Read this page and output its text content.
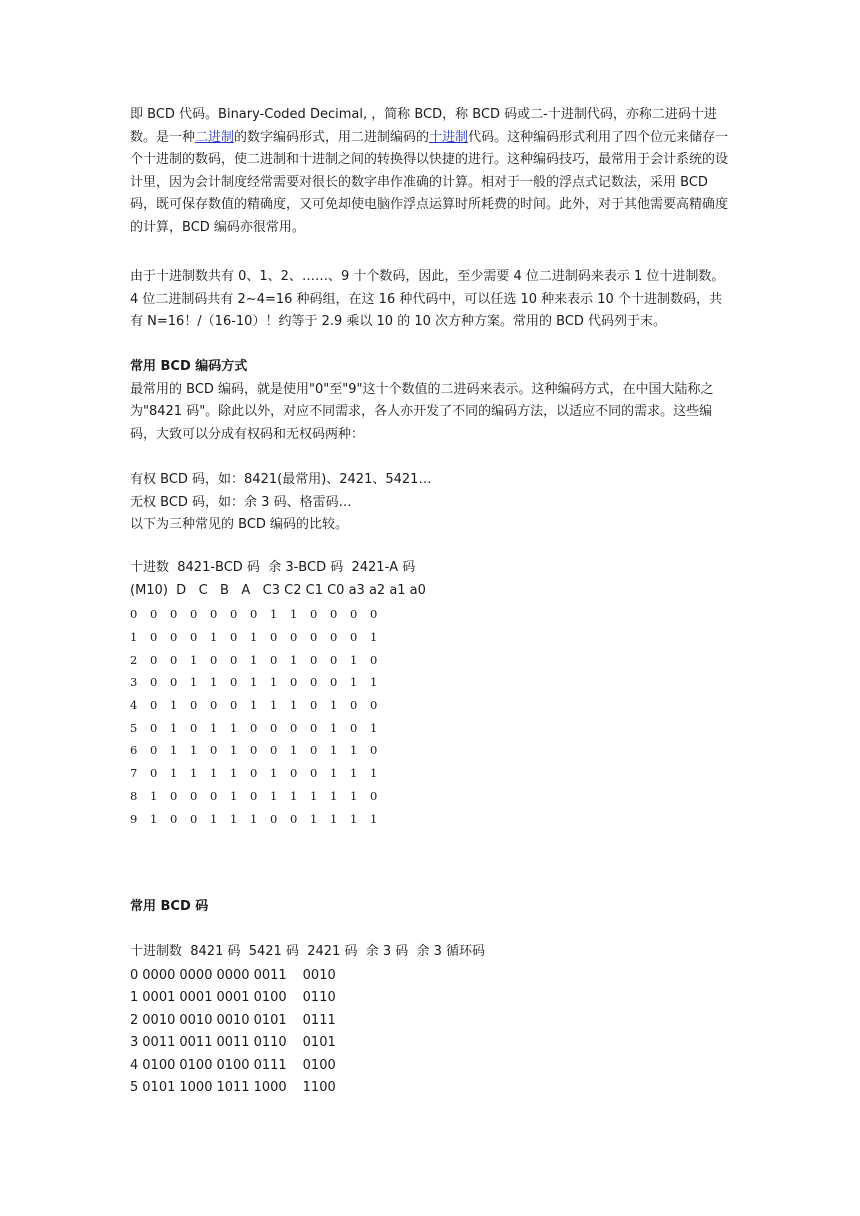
即 BCD 代码。Binary-Coded Decimal‚ ，简称 BCD，称 BCD 码或二-十进制代码，亦称二进码十进数。是一种二进制的数字编码形式，用二进制编码的十进制代码。这种编码形式利用了四个位元来储存一个十进制的数码，使二进制和十进制之间的转换得以快捷的进行。这种编码技巧，最常用于会计系统的设计里，因为会计制度经常需要对很长的数字串作准确的计算。相对于一般的浮点式记数法，采用 BCD 码，既可保存数值的精确度，又可免却使电脑作浮点运算时所耗费的时间。此外，对于其他需要高精确度的计算，BCD 编码亦很常用。

由于十进制数共有 0、1、2、……、9 十个数码，因此，至少需要 4 位二进制码来表示 1 位十进制数。4 位二进制码共有 2∼4=16 种码组，在这 16 种代码中，可以任选 10 种来表示 10 个十进制数码，共有 N=16！/（16-10）！约等于 2.9 乘以 10 的 10 次方种方案。常用的 BCD 代码列于末。

常用 BCD 编码方式

最常用的 BCD 编码，就是使用"0"至"9"这十个数值的二进码来表示。这种编码方式，在中国大陆称之为"8421 码"。除此以外，对应不同需求，各人亦开发了不同的编码方法，以适应不同的需求。这些编码，大致可以分成有权码和无权码两种：

有权 BCD 码，如：8421(最常用)、2421、5421…

无权 BCD 码，如：余 3 码、格雷码…

以下为三种常见的 BCD 编码的比较。

十进数  8421-BCD 码  余 3-BCD 码  2421-A 码

(M10)  D   C   B   A   C3 C2 C1 C0 a3 a2 a1 a0

0	0	0	0	0	0	0	1	1	0	0	0	0
1	0	0	0	1	0	1	0	0	0	0	0	1
2	0	0	1	0	0	1	0	1	0	0	1	0
3	0	0	1	1	0	1	1	0	0	0	1	1
4	0	1	0	0	0	1	1	1	0	1	0	0
5	0	1	0	1	1	0	0	0	0	1	0	1
6	0	1	1	0	1	0	0	1	0	1	1	0
7	0	1	1	1	1	0	1	0	0	1	1	1
8	1	0	0	0	1	0	1	1	1	1	1	0
9	1	0	0	1	1	1	0	0	1	1	1	1

常用 BCD 码

十进制数  8421 码  5421 码  2421 码  余 3 码  余 3 循环码

0	0000	0000	0000	0011	0010
1	0001	0001	0001	0100	0110
2	0010	0010	0010	0101	0111
3	0011	0011	0011	0110	0101
4	0100	0100	0100	0111	0100
5	0101	1000	1011	1000	1100
